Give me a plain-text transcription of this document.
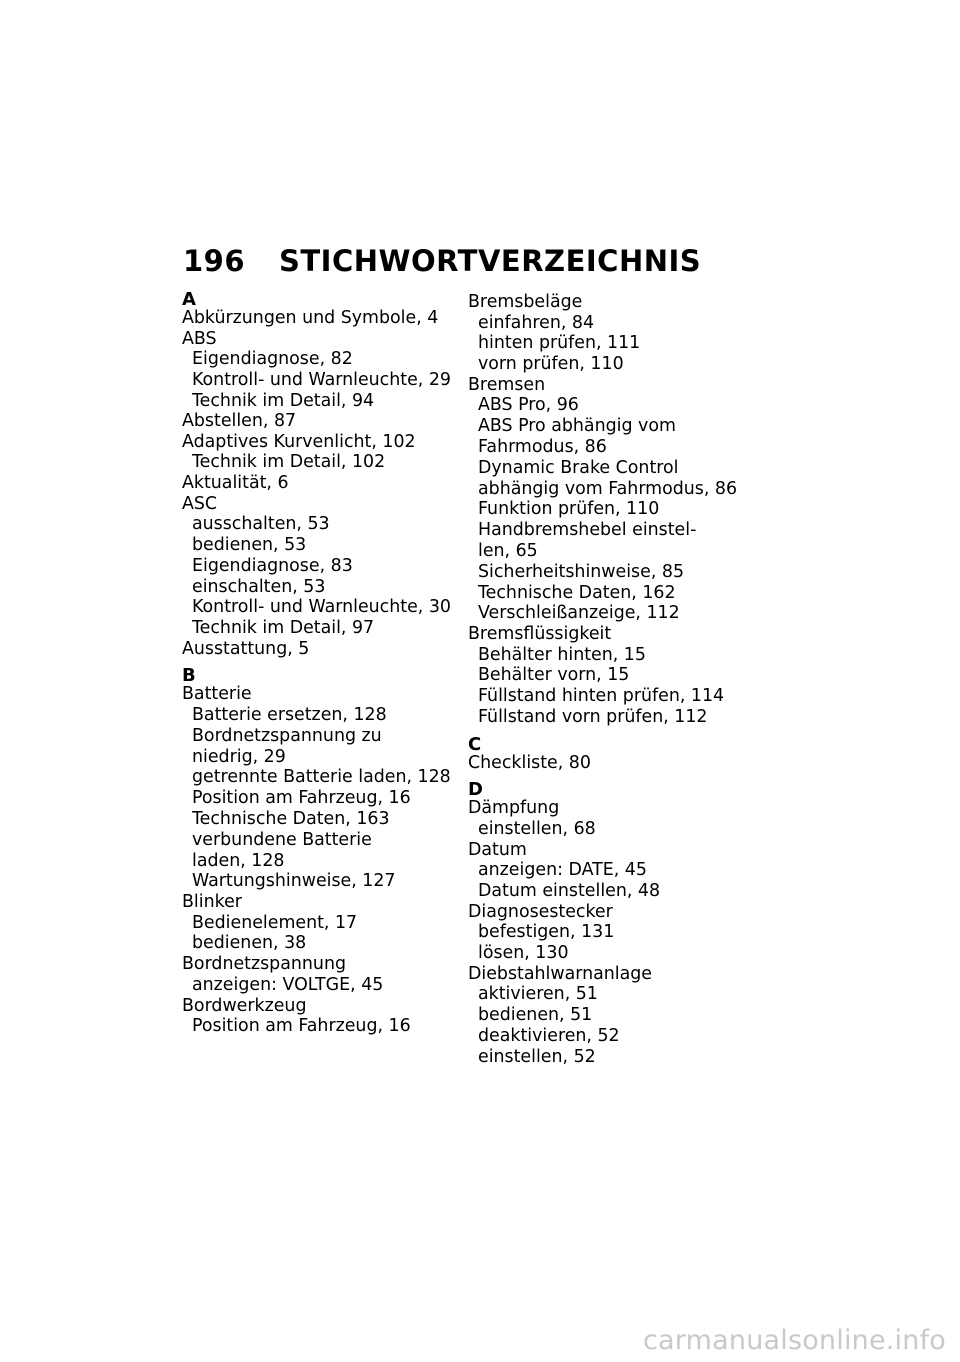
196	STICHWORTVERZEICHNIS
A
Abkürzungen und Symbole, 4
ABS
Eigendiagnose, 82
Kontroll- und Warnleuchte, 29
Technik im Detail, 94
Abstellen, 87
Adaptives Kurvenlicht, 102
Technik im Detail, 102
Aktualität, 6
ASC
ausschalten, 53
bedienen, 53
Eigendiagnose, 83
einschalten, 53
Kontroll- und Warnleuchte, 30
Technik im Detail, 97
Ausstattung, 5
B
Batterie
Batterie ersetzen, 128
Bordnetzspannung zu
niedrig, 29
getrennte Batterie laden, 128
Position am Fahrzeug, 16
Technische Daten, 163
verbundene Batterie
laden, 128
Wartungshinweise, 127
Blinker
Bedienelement, 17
bedienen, 38
Bordnetzspannung
anzeigen: VOLTGE, 45
Bordwerkzeug
Position am Fahrzeug, 16
Bremsbeläge
einfahren, 84
hinten prüfen, 111
vorn prüfen, 110
Bremsen
ABS Pro, 96
ABS Pro abhängig vom
Fahrmodus, 86
Dynamic Brake Control
abhängig vom Fahrmodus, 86
Funktion prüfen, 110
Handbremshebel einstel-
len, 65
Sicherheitshinweise, 85
Technische Daten, 162
Verschleißanzeige, 112
Bremsflüssigkeit
Behälter hinten, 15
Behälter vorn, 15
Füllstand hinten prüfen, 114
Füllstand vorn prüfen, 112
C
Checkliste, 80
D
Dämpfung
einstellen, 68
Datum
anzeigen: DATE, 45
Datum einstellen, 48
Diagnosestecker
befestigen, 131
lösen, 130
Diebstahlwarnanlage
aktivieren, 51
bedienen, 51
deaktivieren, 52
einstellen, 52
carmanualsonline.info
